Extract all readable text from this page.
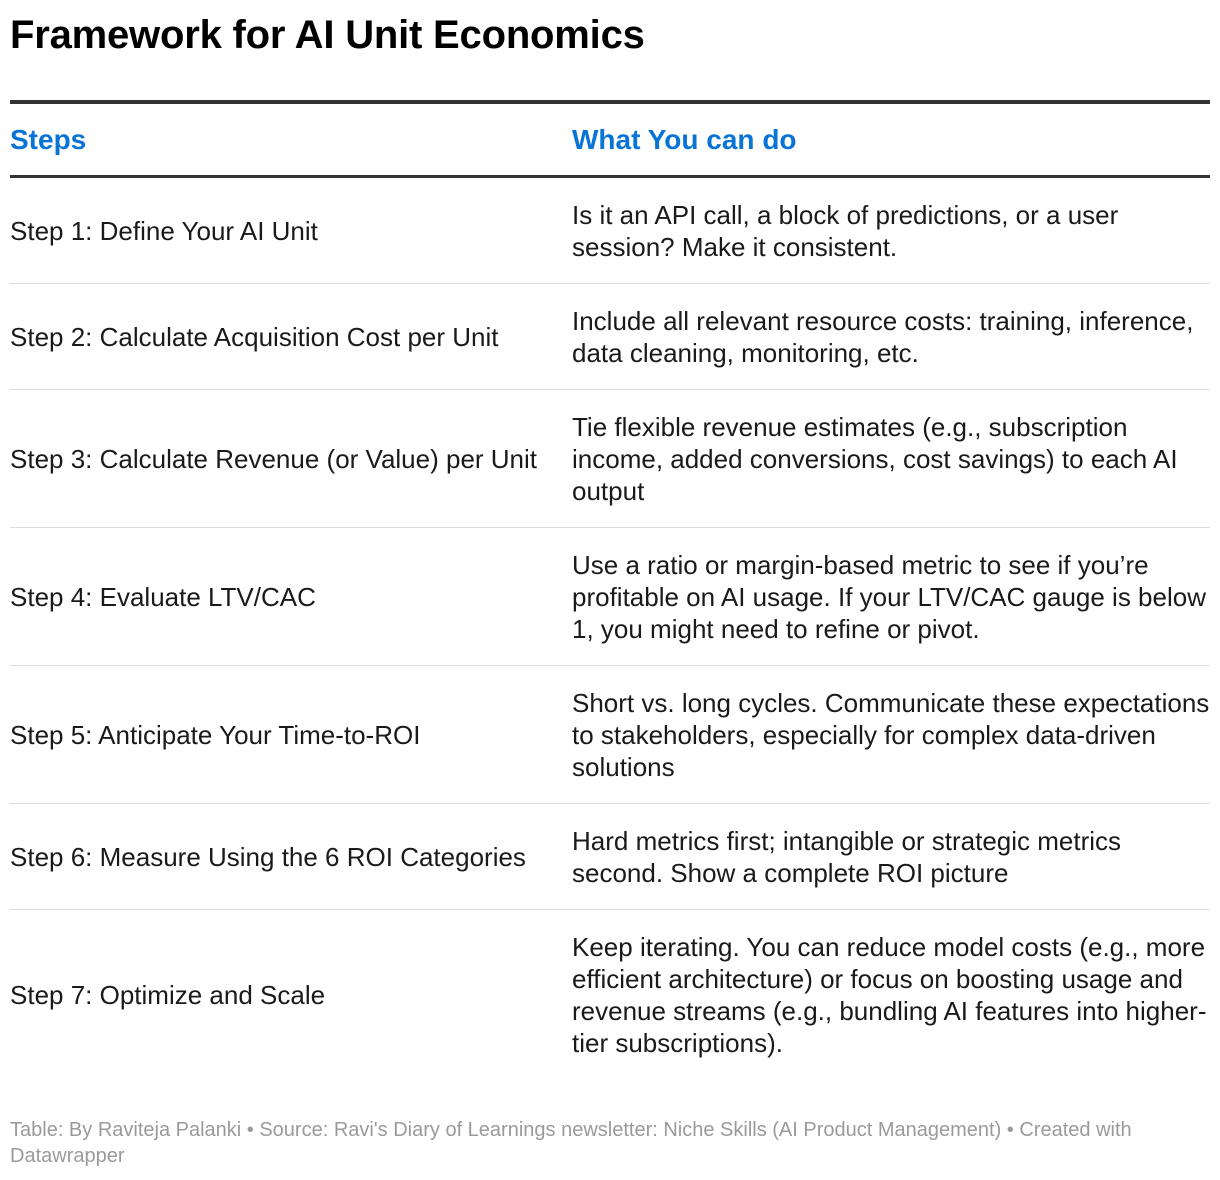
Framework for AI Unit Economics
Steps	What You can do
Step 1: Define Your AI Unit
Is it an API call, a block of predictions, or a user session? Make it consistent.
Step 2: Calculate Acquisition Cost per Unit
Include all relevant resource costs: training, inference, data cleaning, monitoring, etc.
Step 3: Calculate Revenue (or Value) per Unit
Tie flexible revenue estimates (e.g., subscription income, added conversions, cost savings) to each AI output
Step 4: Evaluate LTV/CAC
Use a ratio or margin-based metric to see if you’re profitable on AI usage. If your LTV/CAC gauge is below 1, you might need to refine or pivot.
Step 5: Anticipate Your Time-to-ROI
Short vs. long cycles. Communicate these expectations to stakeholders, especially for complex data-driven solutions
Step 6: Measure Using the 6 ROI Categories
Hard metrics first; intangible or strategic metrics second. Show a complete ROI picture
Step 7: Optimize and Scale
Keep iterating. You can reduce model costs (e.g., more efficient architecture) or focus on boosting usage and revenue streams (e.g., bundling AI features into higher-tier subscriptions).
Table: By Raviteja Palanki • Source: Ravi's Diary of Learnings newsletter: Niche Skills (AI Product Management) • Created with Datawrapper
